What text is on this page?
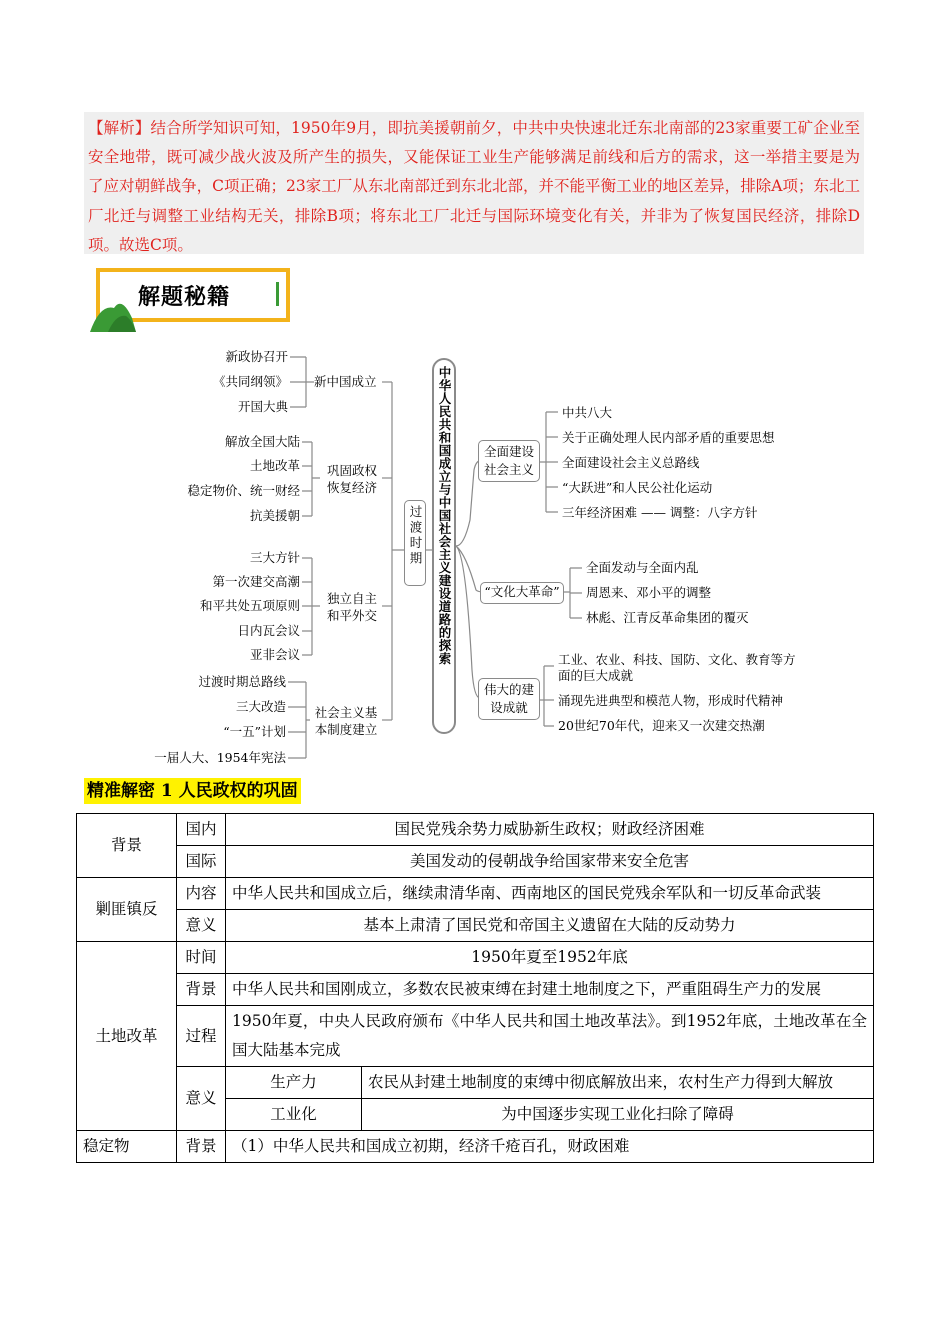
【解析】结合所学知识可知，1950年9月，即抗美援朝前夕，中共中央快速北迁东北南部的23家重要工矿企业至安全地带，既可减少战火波及所产生的损失，又能保证工业生产能够满足前线和后方的需求，这一举措主要是为了应对朝鲜战争，C项正确；23家工厂从东北南部迁到东北北部，并不能平衡工业的地区差异，排除A项；东北工厂北迁与调整工业结构无关，排除B项；将东北工厂北迁与国际环境变化有关，并非为了恢复国民经济，排除D项。故选C项。

解题秘籍
新政协召开
《共同纲领》
开国大典
新中国成立
解放全国大陆
土地改革
稳定物价、统一财经
抗美援朝
巩固政权恢复经济
三大方针
第一次建交高潮
和平共处五项原则
日内瓦会议
亚非会议
独立自主和平外交
过渡时期总路线
三大改造
“一五”计划
一届人大、1954年宪法
社会主义基本制度建立
过渡时期 中华人民共和国成立与中国社会主义建设道路的探索	全面建设社会主义
中共八大
关于正确处理人民内部矛盾的重要思想
全面建设社会主义总路线
“大跃进”和人民公社化运动
三年经济困难 —— 调整：八字方针
“文化大革命”
全面发动与全面内乱
周恩来、邓小平的调整
林彪、江青反革命集团的覆灭
伟大的建设成就
工业、农业、科技、国防、文化、教育等方面的巨大成就
涌现先进典型和模范人物，形成时代精神
20世纪70年代，迎来又一次建交热潮
精准解密 1 人民政权的巩固
背景	国内	国民党残余势力威胁新生政权；财政经济困难	
	国际	美国发动的侵朝战争给国家带来安全危害	
剿匪镇反	内容	中华人民共和国成立后，继续肃清华南、西南地区的国民党残余军队和一切反革命武装	
	意义	基本上肃清了国民党和帝国主义遗留在大陆的反动势力	
土地改革	时间	1950年夏至1952年底	
	背景	中华人民共和国刚成立，多数农民被束缚在封建土地制度之下，严重阻碍生产力的发展	
	过程	1950年夏，中央人民政府颁布《中华人民共和国土地改革法》。到1952年底，土地改革在全国大陆基本完成	
	意义	生产力	农民从封建土地制度的束缚中彻底解放出来，农村生产力得到大解放
		工业化	为中国逐步实现工业化扫除了障碍
稳定物	背景	（1）中华人民共和国成立初期，经济千疮百孔，财政困难	
